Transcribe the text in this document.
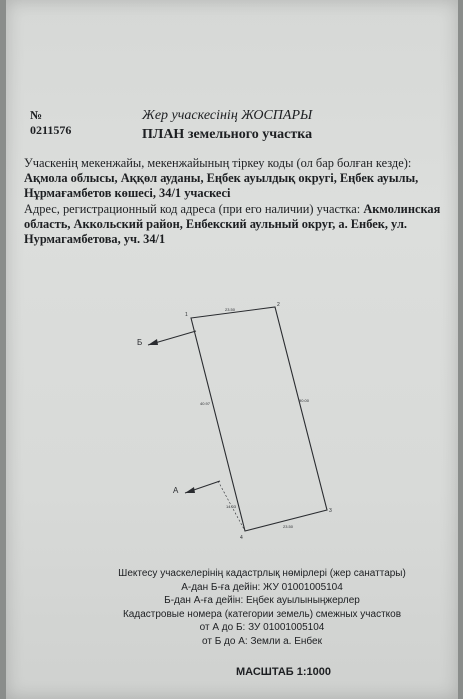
№ 0211576
Жер учаскесінің ЖОСПАРЫ
ПЛАН земельного участка
Учаскенің мекенжайы, мекенжайының тіркеу коды (ол бар болған кезде): Ақмола облысы, Аққөл ауданы, Еңбек ауылдық округі, Еңбек ауылы, Нұрмағамбетов көшесі, 34/1 учаскесі
Адрес, регистрационный код адреса (при его наличии) участка: Акмолинская область, Аккольский район, Енбекский аульный округ, а. Енбек, ул. Нурмагамбетова, уч. 34/1
Б
А
1
2
3
4
23.50
90.00
23.50
14.03
40.97
Шектесу учаскелерінің кадастрлық нөмірлері (жер санаттары)
А-дан Б-ға дейін: ЖУ 01001005104
Б-дан А-ға дейін: Еңбек ауылыныңжерлер
Кадастровые номера (категории земель) смежных участков
от А до Б: ЗУ 01001005104
от Б до А: Земли а. Енбек
МАСШТАБ 1:1000
